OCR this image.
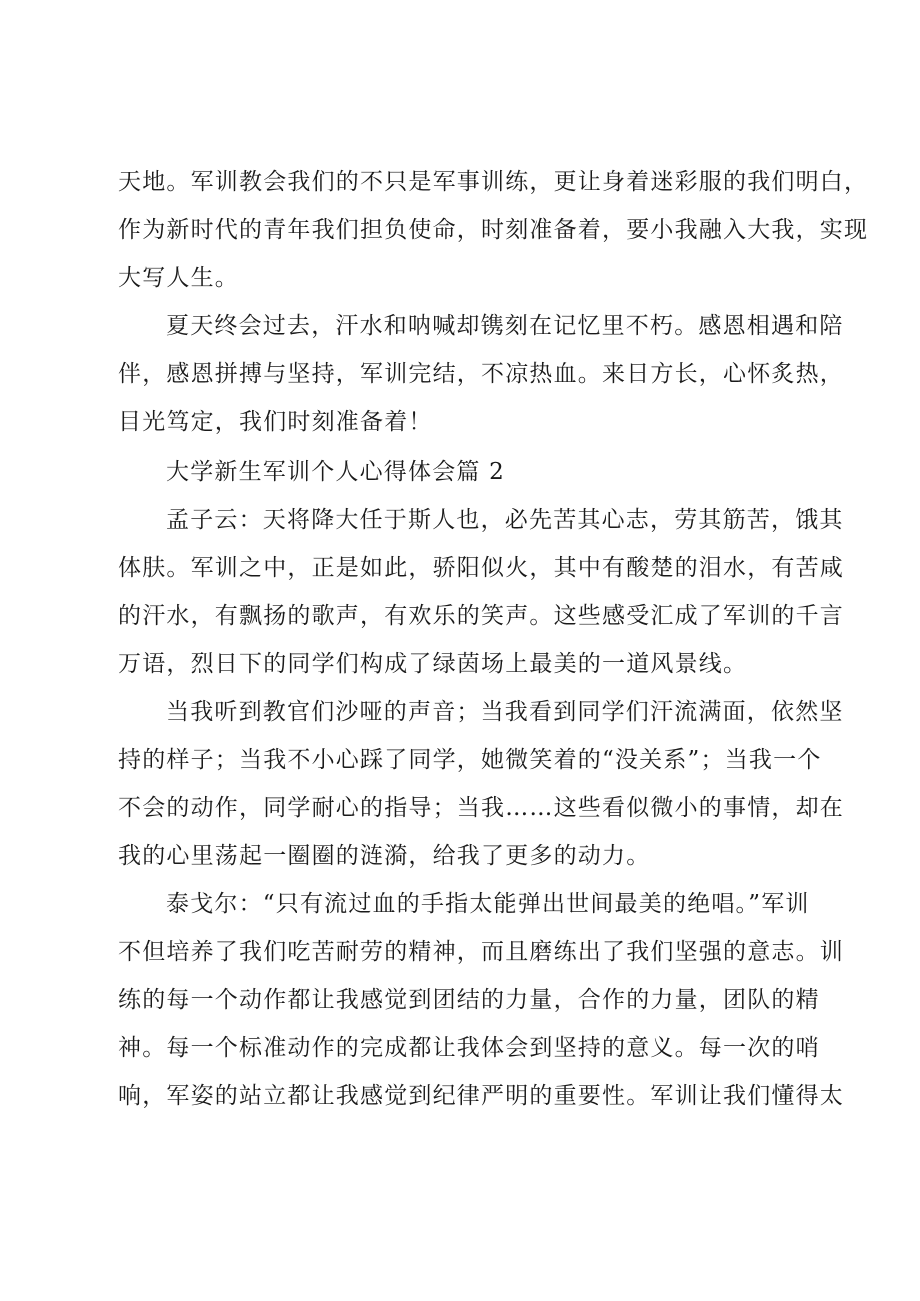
天地。军训教会我们的不只是军事训练，更让身着迷彩服的我们明白，
作为新时代的青年我们担负使命，时刻准备着，要小我融入大我，实现
大写人生。
夏天终会过去，汗水和呐喊却镌刻在记忆里不朽。感恩相遇和陪
伴，感恩拼搏与坚持，军训完结，不凉热血。来日方长，心怀炙热，
目光笃定，我们时刻准备着！
大学新生军训个人心得体会篇 2
孟子云：天将降大任于斯人也，必先苦其心志，劳其筋苦，饿其
体肤。军训之中，正是如此，骄阳似火，其中有酸楚的泪水，有苦咸
的汗水，有飘扬的歌声，有欢乐的笑声。这些感受汇成了军训的千言
万语，烈日下的同学们构成了绿茵场上最美的一道风景线。
当我听到教官们沙哑的声音；当我看到同学们汗流满面，依然坚
持的样子；当我不小心踩了同学，她微笑着的“没关系”；当我一个
不会的动作，同学耐心的指导；当我……这些看似微小的事情，却在
我的心里荡起一圈圈的涟漪，给我了更多的动力。
泰戈尔：“只有流过血的手指太能弹出世间最美的绝唱。”军训
不但培养了我们吃苦耐劳的精神，而且磨练出了我们坚强的意志。训
练的每一个动作都让我感觉到团结的力量，合作的力量，团队的精
神。每一个标准动作的完成都让我体会到坚持的意义。每一次的哨
响，军姿的站立都让我感觉到纪律严明的重要性。军训让我们懂得太
